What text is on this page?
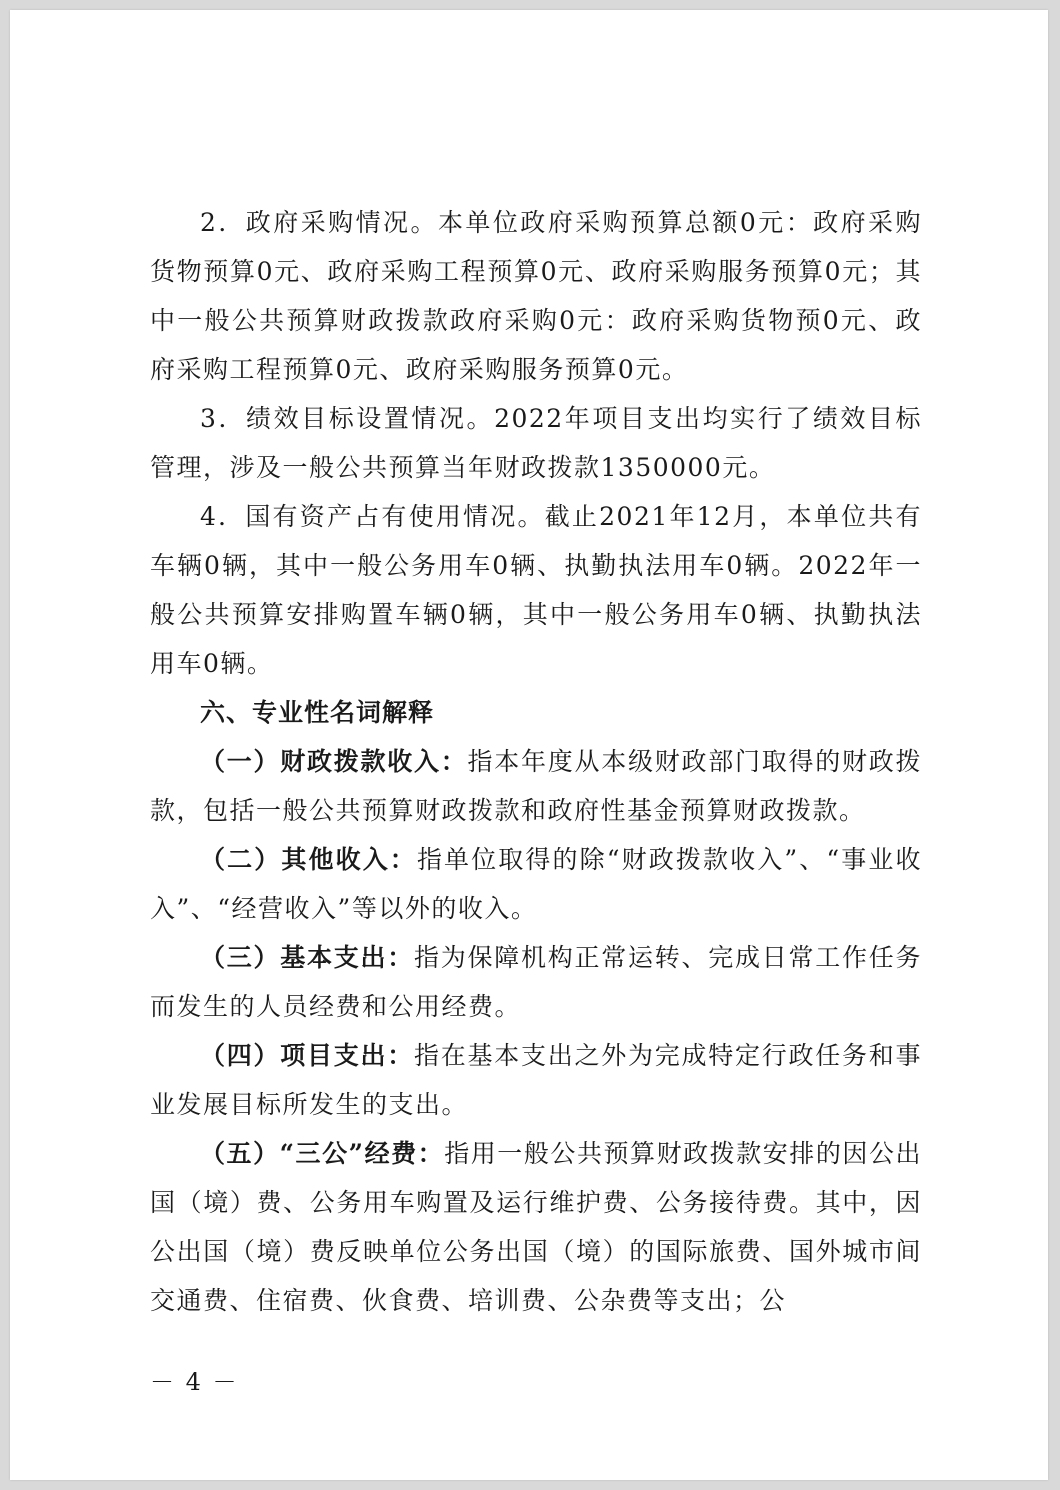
2．政府采购情况。本单位政府采购预算总额0元：政府采购货物预算0元、政府采购工程预算0元、政府采购服务预算0元；其中一般公共预算财政拨款政府采购0元：政府采购货物预0元、政府采购工程预算0元、政府采购服务预算0元。

3．绩效目标设置情况。2022年项目支出均实行了绩效目标管理，涉及一般公共预算当年财政拨款1350000元。

4．国有资产占有使用情况。截止2021年12月，本单位共有车辆0辆，其中一般公务用车0辆、执勤执法用车0辆。2022年一般公共预算安排购置车辆0辆，其中一般公务用车0辆、执勤执法用车0辆。

六、专业性名词解释

（一）财政拨款收入：指本年度从本级财政部门取得的财政拨款，包括一般公共预算财政拨款和政府性基金预算财政拨款。

（二）其他收入：指单位取得的除“财政拨款收入”、“事业收入”、“经营收入”等以外的收入。

（三）基本支出：指为保障机构正常运转、完成日常工作任务而发生的人员经费和公用经费。

（四）项目支出：指在基本支出之外为完成特定行政任务和事业发展目标所发生的支出。

（五）“三公”经费：指用一般公共预算财政拨款安排的因公出国（境）费、公务用车购置及运行维护费、公务接待费。其中，因公出国（境）费反映单位公务出国（境）的国际旅费、国外城市间交通费、住宿费、伙食费、培训费、公杂费等支出；公

－ 4 －
